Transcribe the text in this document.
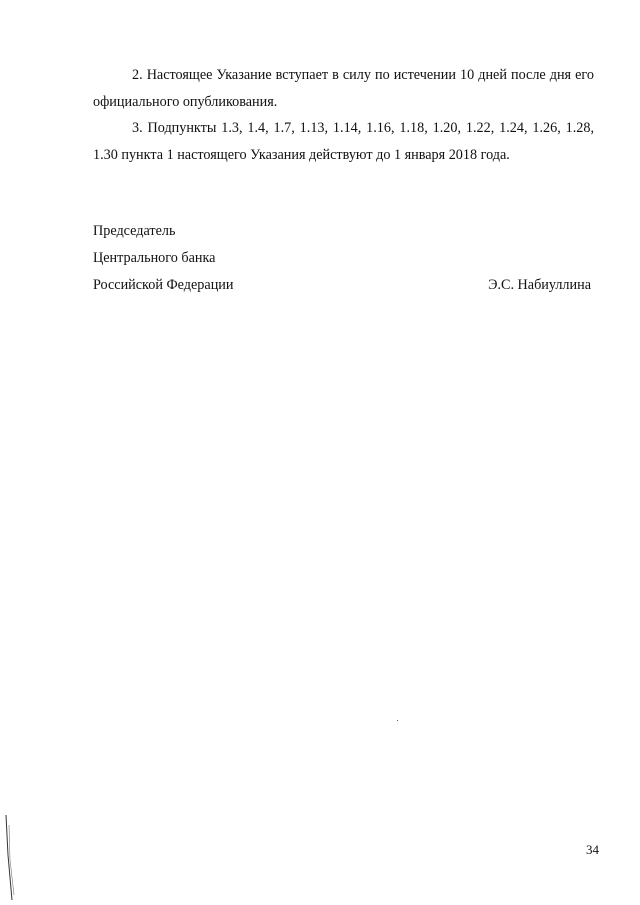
2. Настоящее Указание вступает в силу по истечении 10 дней после дня его официального опубликования.

3. Подпункты 1.3, 1.4, 1.7, 1.13, 1.14, 1.16, 1.18, 1.20, 1.22, 1.24, 1.26, 1.28, 1.30 пункта 1 настоящего Указания действуют до 1 января 2018 года.

Председатель
Центрального банка
Российской Федерации	Э.С. Набиуллина
34
